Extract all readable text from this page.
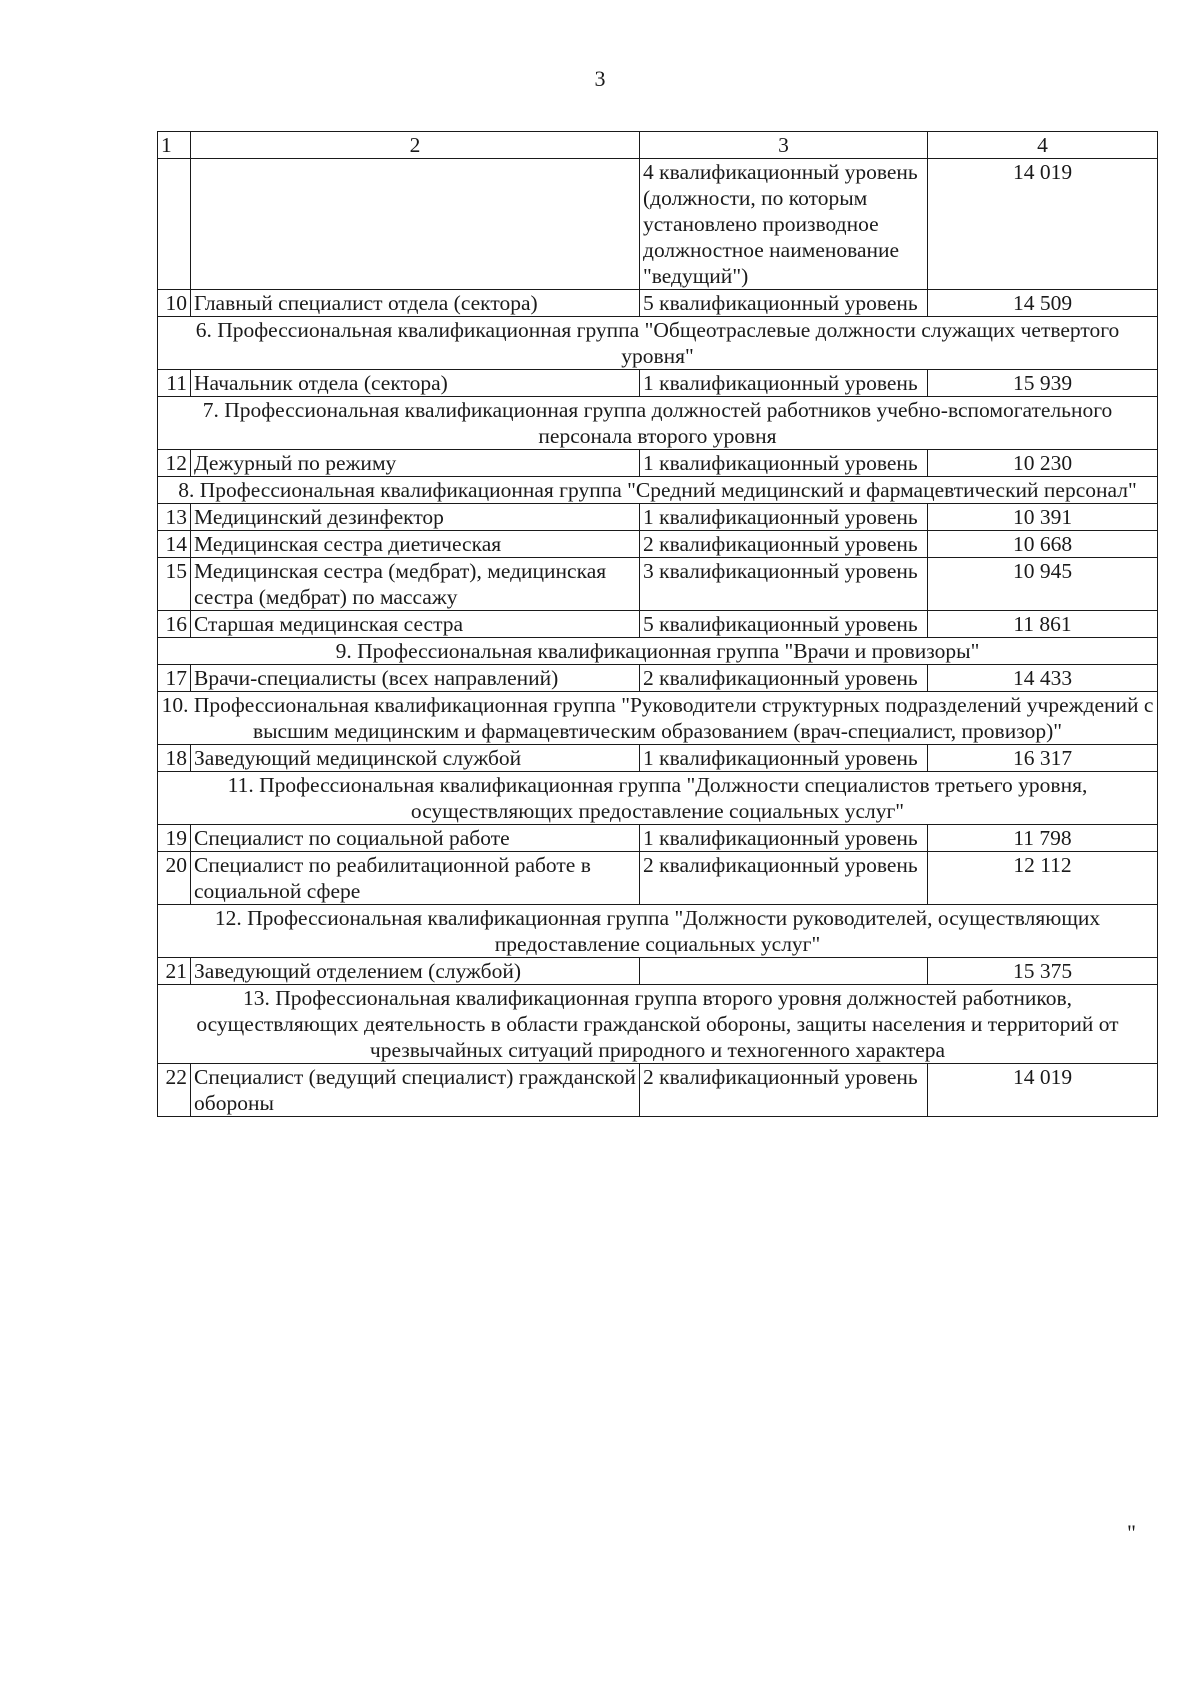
3
1	2	3	4
		4 квалификационный уровень (должности, по которым установлено производное должностное наименование "ведущий")	14 019
10	Главный специалист отдела (сектора)	5 квалификационный уровень	14 509
6. Профессиональная квалификационная группа "Общеотраслевые должности служащих четвертого уровня"			
11	Начальник отдела (сектора)	1 квалификационный уровень	15 939
7. Профессиональная квалификационная группа должностей работников учебно-вспомогательного персонала второго уровня			
12	Дежурный по режиму	1 квалификационный уровень	10 230
8. Профессиональная квалификационная группа "Средний медицинский и фармацевтический персонал"			
13	Медицинский дезинфектор	1 квалификационный уровень	10 391
14	Медицинская сестра диетическая	2 квалификационный уровень	10 668
15	Медицинская сестра (медбрат), медицинская сестра (медбрат) по массажу	3 квалификационный уровень	10 945
16	Старшая медицинская сестра	5 квалификационный уровень	11 861
9. Профессиональная квалификационная группа "Врачи и провизоры"			
17	Врачи-специалисты (всех направлений)	2 квалификационный уровень	14 433
10. Профессиональная квалификационная группа "Руководители структурных подразделений учреждений с высшим медицинским и фармацевтическим образованием (врач-специалист, провизор)"			
18	Заведующий медицинской службой	1 квалификационный уровень	16 317
11. Профессиональная квалификационная группа "Должности специалистов третьего уровня, осуществляющих предоставление социальных услуг"			
19	Специалист по социальной работе	1 квалификационный уровень	11 798
20	Специалист по реабилитационной работе в социальной сфере	2 квалификационный уровень	12 112
12. Профессиональная квалификационная группа "Должности руководителей, осуществляющих предоставление социальных услуг"			
21	Заведующий отделением (службой)		15 375
13. Профессиональная квалификационная группа второго уровня должностей работников, осуществляющих деятельность в области гражданской обороны, защиты населения и территорий от чрезвычайных ситуаций природного и техногенного характера			
22	Специалист (ведущий специалист) гражданской обороны	2 квалификационный уровень	14 019
"
